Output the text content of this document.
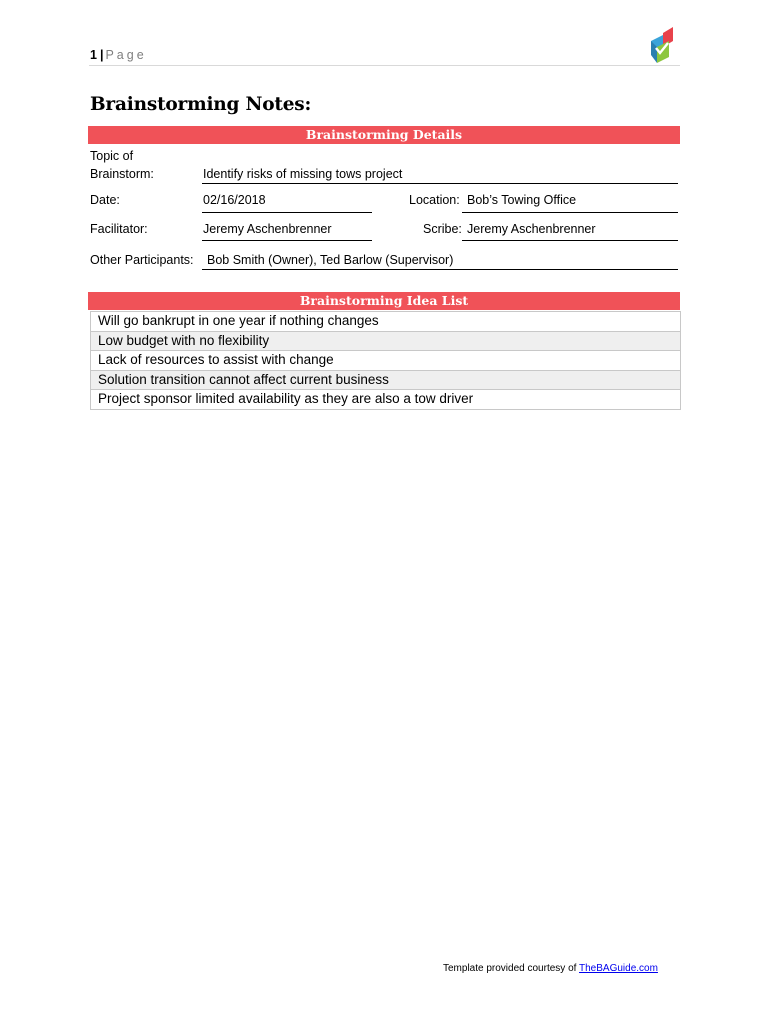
1 | Page
Brainstorming Notes:
Brainstorming Details
Topic of
Brainstorm:	Identify risks of missing tows project
Date:	02/16/2018	Location: Bob’s Towing Office
Facilitator:	Jeremy Aschenbrenner	Scribe: Jeremy Aschenbrenner
Other Participants: Bob Smith (Owner), Ted Barlow (Supervisor)
Brainstorming Idea List
Will go bankrupt in one year if nothing changes
Low budget with no flexibility
Lack of resources to assist with change
Solution transition cannot affect current business
Project sponsor limited availability as they are also a tow driver
Template provided courtesy of TheBAGuide.com
